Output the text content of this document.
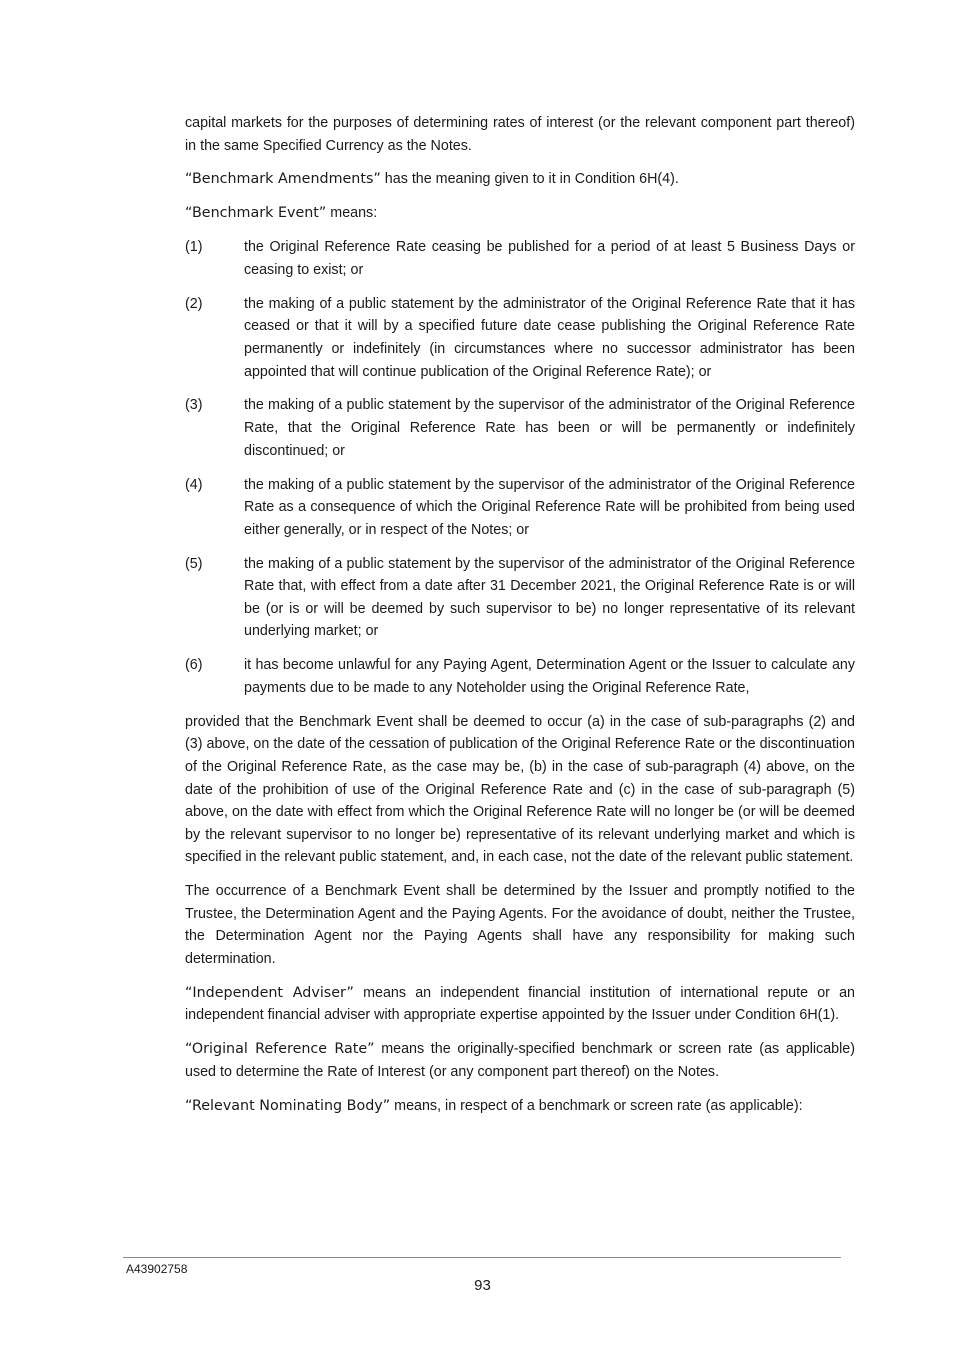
capital markets for the purposes of determining rates of interest (or the relevant component part thereof) in the same Specified Currency as the Notes.

“Benchmark Amendments” has the meaning given to it in Condition 6H(4).

“Benchmark Event” means:

(1)	the Original Reference Rate ceasing be published for a period of at least 5 Business Days or ceasing to exist; or
(2)	the making of a public statement by the administrator of the Original Reference Rate that it has ceased or that it will by a specified future date cease publishing the Original Reference Rate permanently or indefinitely (in circumstances where no successor administrator has been appointed that will continue publication of the Original Reference Rate); or
(3)	the making of a public statement by the supervisor of the administrator of the Original Reference Rate, that the Original Reference Rate has been or will be permanently or indefinitely discontinued; or
(4)	the making of a public statement by the supervisor of the administrator of the Original Reference Rate as a consequence of which the Original Reference Rate will be prohibited from being used either generally, or in respect of the Notes; or
(5)	the making of a public statement by the supervisor of the administrator of the Original Reference Rate that, with effect from a date after 31 December 2021, the Original Reference Rate is or will be (or is or will be deemed by such supervisor to be) no longer representative of its relevant underlying market; or
(6)	it has become unlawful for any Paying Agent, Determination Agent or the Issuer to calculate any payments due to be made to any Noteholder using the Original Reference Rate,

provided that the Benchmark Event shall be deemed to occur (a) in the case of sub-paragraphs (2) and (3) above, on the date of the cessation of publication of the Original Reference Rate or the discontinuation of the Original Reference Rate, as the case may be, (b) in the case of sub-paragraph (4) above, on the date of the prohibition of use of the Original Reference Rate and (c) in the case of sub-paragraph (5) above, on the date with effect from which the Original Reference Rate will no longer be (or will be deemed by the relevant supervisor to no longer be) representative of its relevant underlying market and which is specified in the relevant public statement, and, in each case, not the date of the relevant public statement.

The occurrence of a Benchmark Event shall be determined by the Issuer and promptly notified to the Trustee, the Determination Agent and the Paying Agents. For the avoidance of doubt, neither the Trustee, the Determination Agent nor the Paying Agents shall have any responsibility for making such determination.

“Independent Adviser” means an independent financial institution of international repute or an independent financial adviser with appropriate expertise appointed by the Issuer under Condition 6H(1).

“Original Reference Rate” means the originally-specified benchmark or screen rate (as applicable) used to determine the Rate of Interest (or any component part thereof) on the Notes.

“Relevant Nominating Body” means, in respect of a benchmark or screen rate (as applicable):

A43902758
93
